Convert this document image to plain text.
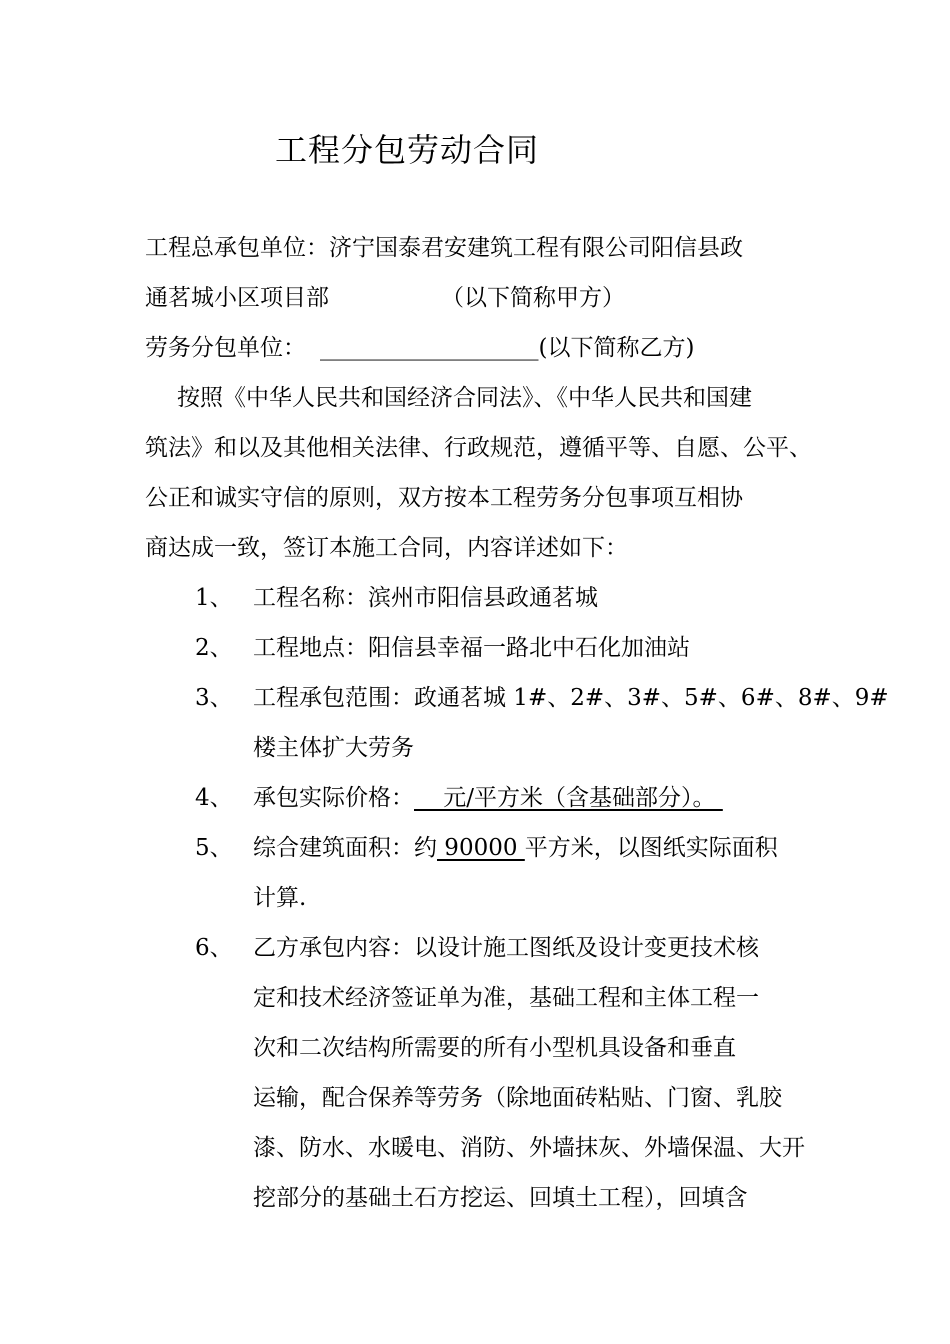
工程分包劳动合同
工程总承包单位：济宁国泰君安建筑工程有限公司阳信县政
通茗城小区项目部	（以下简称甲方）
劳务分包单位： ___________________(以下简称乙方)
按照《中华人民共和国经济合同法》、《中华人民共和国建
筑法》和以及其他相关法律、行政规范，遵循平等、自愿、公平、
公正和诚实守信的原则，双方按本工程劳务分包事项互相协
商达成一致，签订本施工合同，内容详述如下：
1、 工程名称：滨州市阳信县政通茗城
2、 工程地点：阳信县幸福一路北中石化加油站
3、 工程承包范围：政通茗城 1#、2#、3#、5#、6#、8#、9#
楼主体扩大劳务
4、 承包实际价格：    元/平方米（含基础部分）。
5、 综合建筑面积：约 90000 平方米，以图纸实际面积
计算.
6、 乙方承包内容：以设计施工图纸及设计变更技术核
定和技术经济签证单为准，基础工程和主体工程一
次和二次结构所需要的所有小型机具设备和垂直
运输，配合保养等劳务（除地面砖粘贴、门窗、乳胶
漆、防水、水暖电、消防、外墙抹灰、外墙保温、大开
挖部分的基础土石方挖运、回填土工程），回填含
